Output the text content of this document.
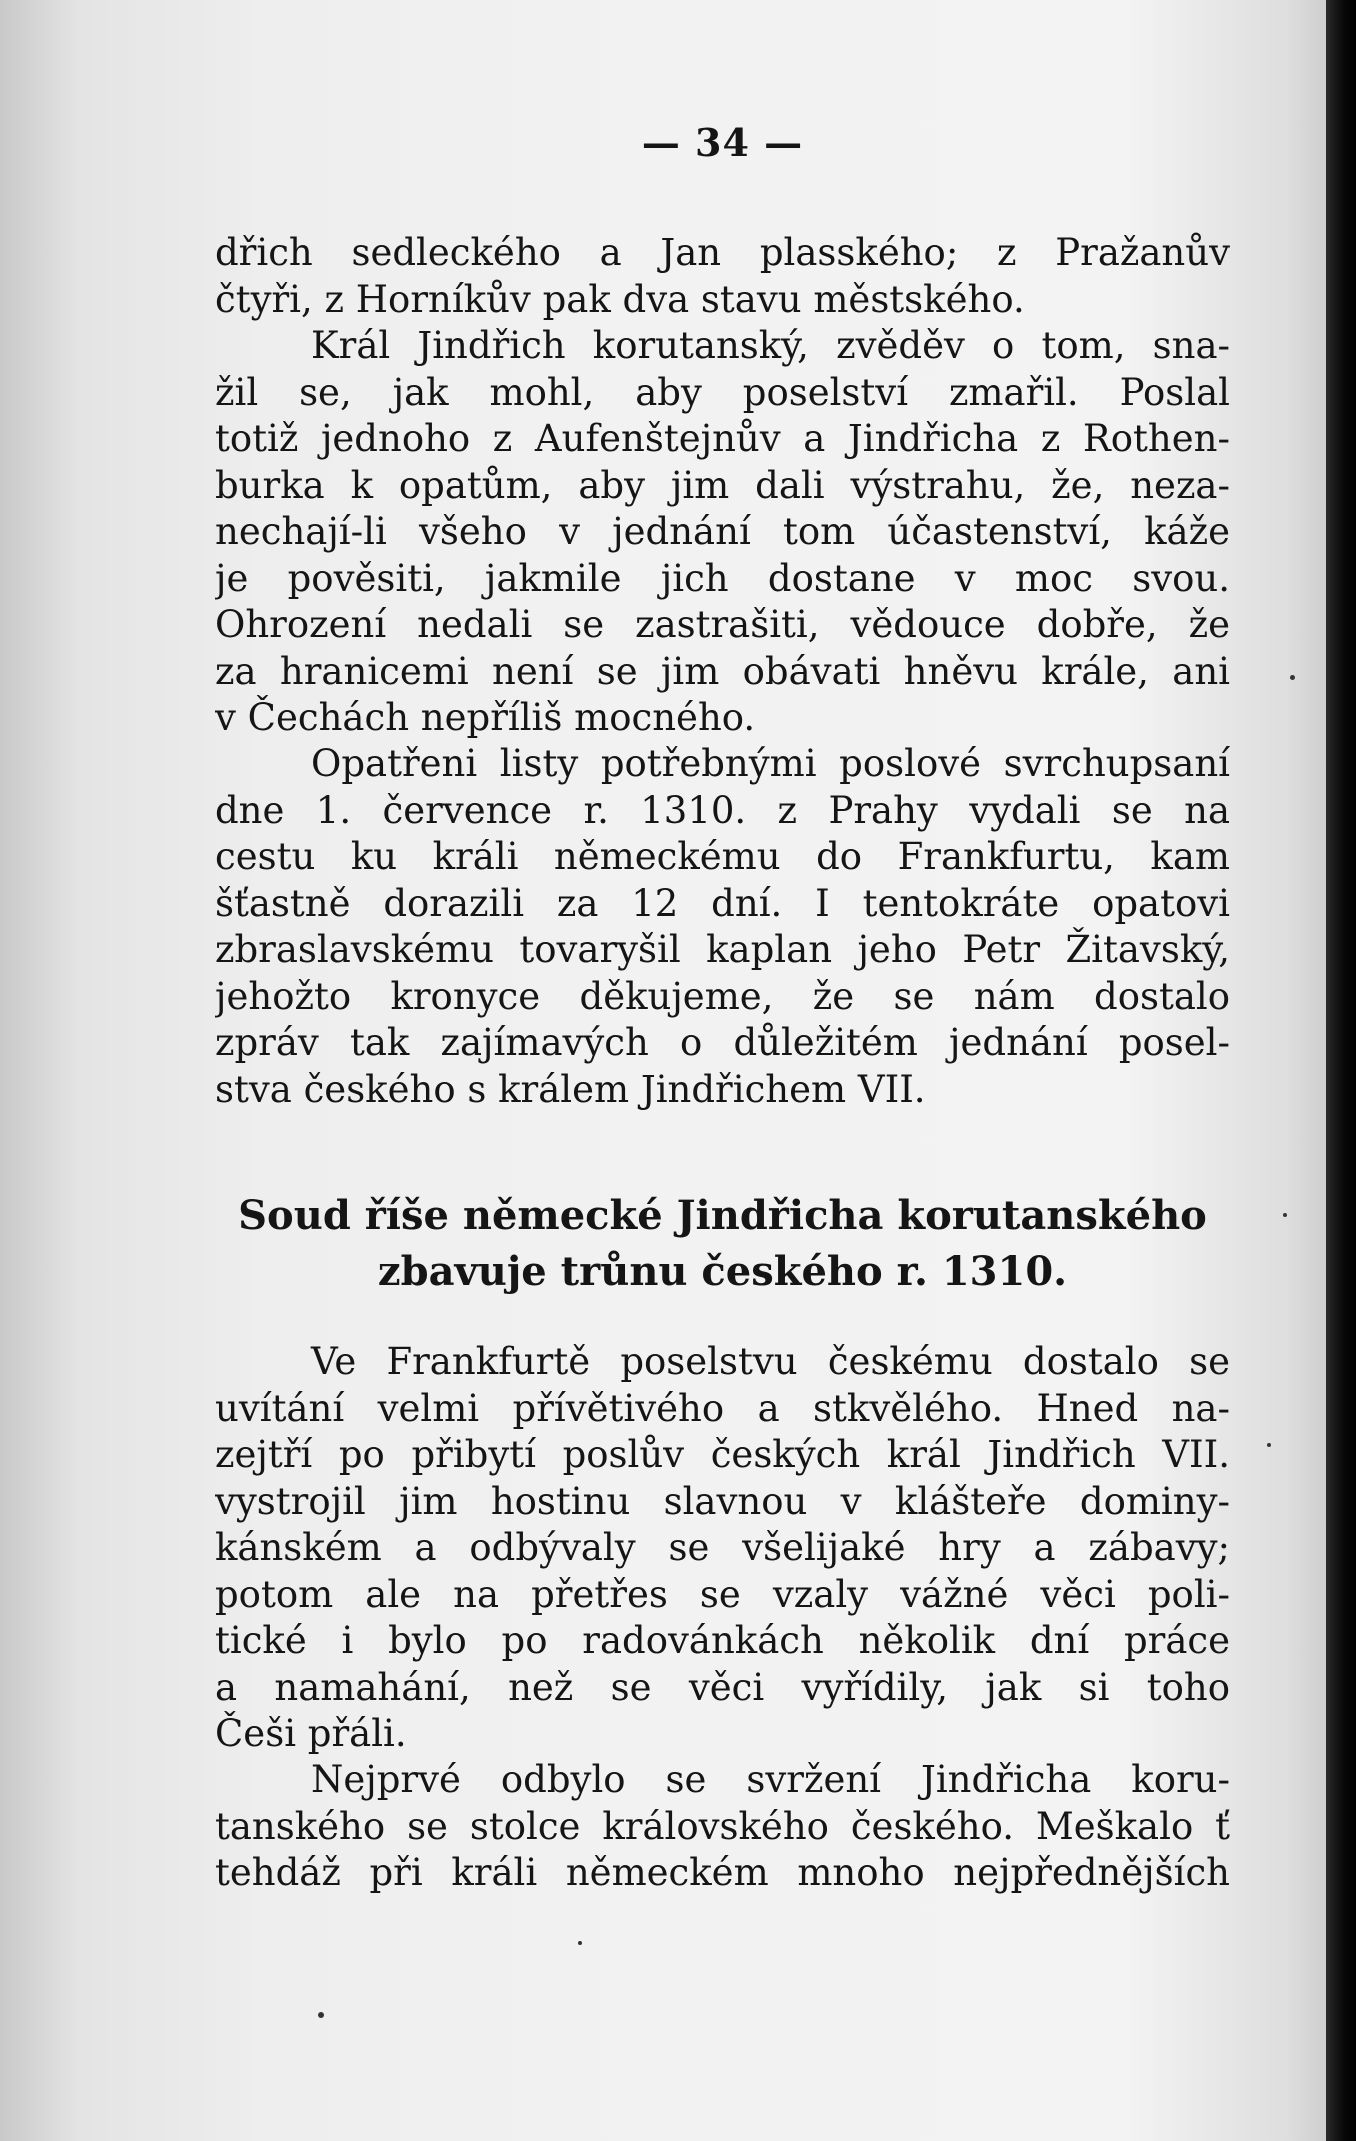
— 34 —
dřich sedleckého a Jan plasského; z Pražanův
čtyři, z Horníkův pak dva stavu městského.
Král Jindřich korutanský, zvěděv o tom, sna-
žil se, jak mohl, aby poselství zmařil. Poslal
totiž jednoho z Aufenštejnův a Jindřicha z Rothen-
burka k opatům, aby jim dali výstrahu, že, neza-
nechají-li všeho v jednání tom účastenství, káže
je pověsiti, jakmile jich dostane v moc svou.
Ohrození nedali se zastrašiti, vědouce dobře, že
za hranicemi není se jim obávati hněvu krále, ani
v Čechách nepříliš mocného.
Opatřeni listy potřebnými poslové svrchupsaní
dne 1. července r. 1310. z Prahy vydali se na
cestu ku králi německému do Frankfurtu, kam
šťastně dorazili za 12 dní. I tentokráte opatovi
zbraslavskému tovaryšil kaplan jeho Petr Žitavský,
jehožto kronyce děkujeme, že se nám dostalo
zpráv tak zajímavých o důležitém jednání posel-
stva českého s králem Jindřichem VII.
Soud říše německé Jindřicha korutanského
zbavuje trůnu českého r. 1310.
Ve Frankfurtě poselstvu českému dostalo se
uvítání velmi přívětivého a stkvělého. Hned na-
zejtří po přibytí poslův českých král Jindřich VII.
vystrojil jim hostinu slavnou v klášteře dominy-
kánském a odbývaly se všelijaké hry a zábavy;
potom ale na přetřes se vzaly vážné věci poli-
tické i bylo po radovánkách několik dní práce
a namahání, než se věci vyřídily, jak si toho
Češi přáli.
Nejprvé odbylo se svržení Jindřicha koru-
tanského se stolce královského českého. Meškalo ť
tehdáž při králi německém mnoho nejpřednějších
